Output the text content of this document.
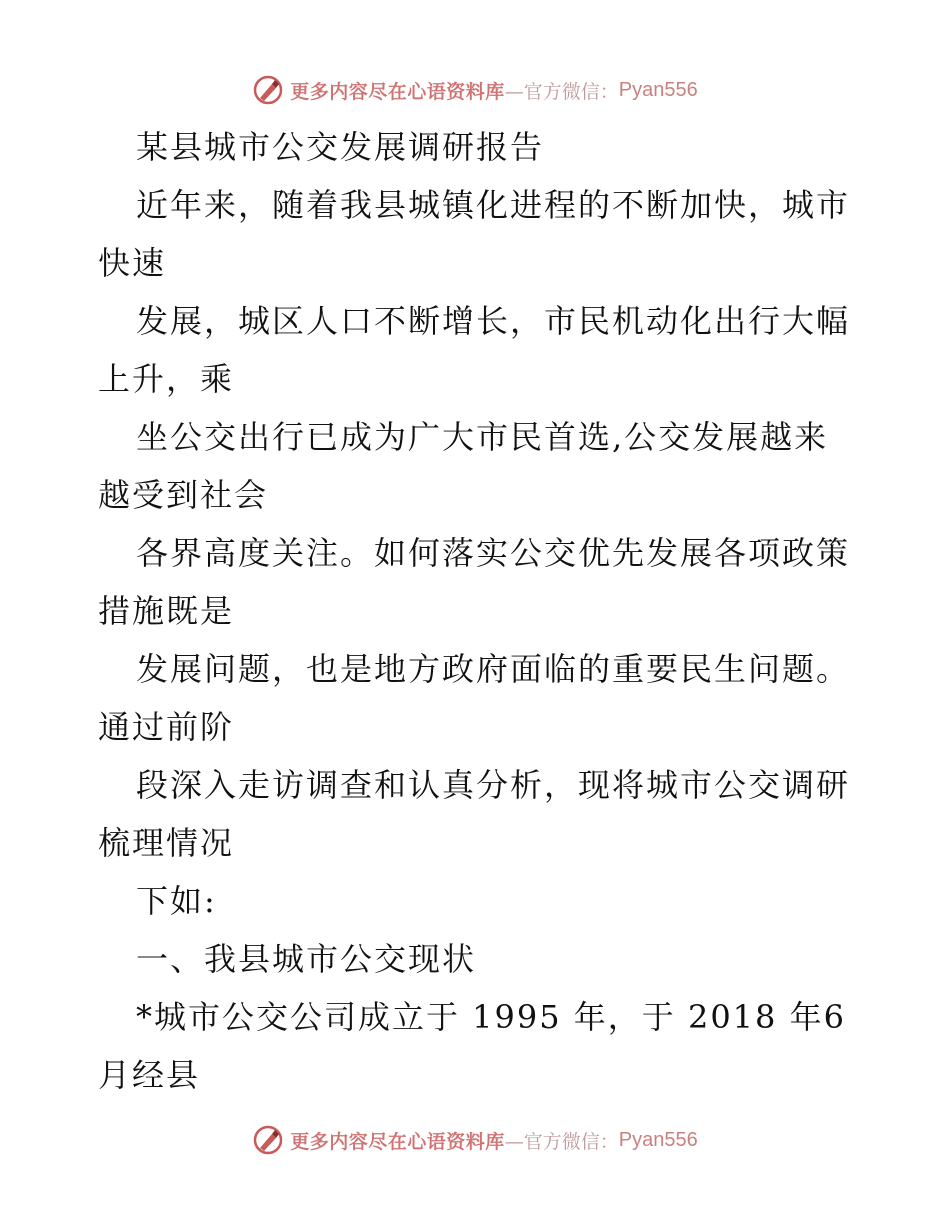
更多内容尽在心语资料库 —官方微信： Pyan556
某县城市公交发展调研报告
近年来，随着我县城镇化进程的不断加快，城市
快速
发展，城区人口不断增长，市民机动化出行大幅
上升，乘
坐公交出行已成为广大市民首选,公交发展越来
越受到社会
各界高度关注。如何落实公交优先发展各项政策
措施既是
发展问题，也是地方政府面临的重要民生问题。
通过前阶
段深入走访调查和认真分析，现将城市公交调研
梳理情况
下如:
一、我县城市公交现状
*城市公交公司成立于 1995 年，于 2018 年6
月经县
更多内容尽在心语资料库 —官方微信： Pyan556
